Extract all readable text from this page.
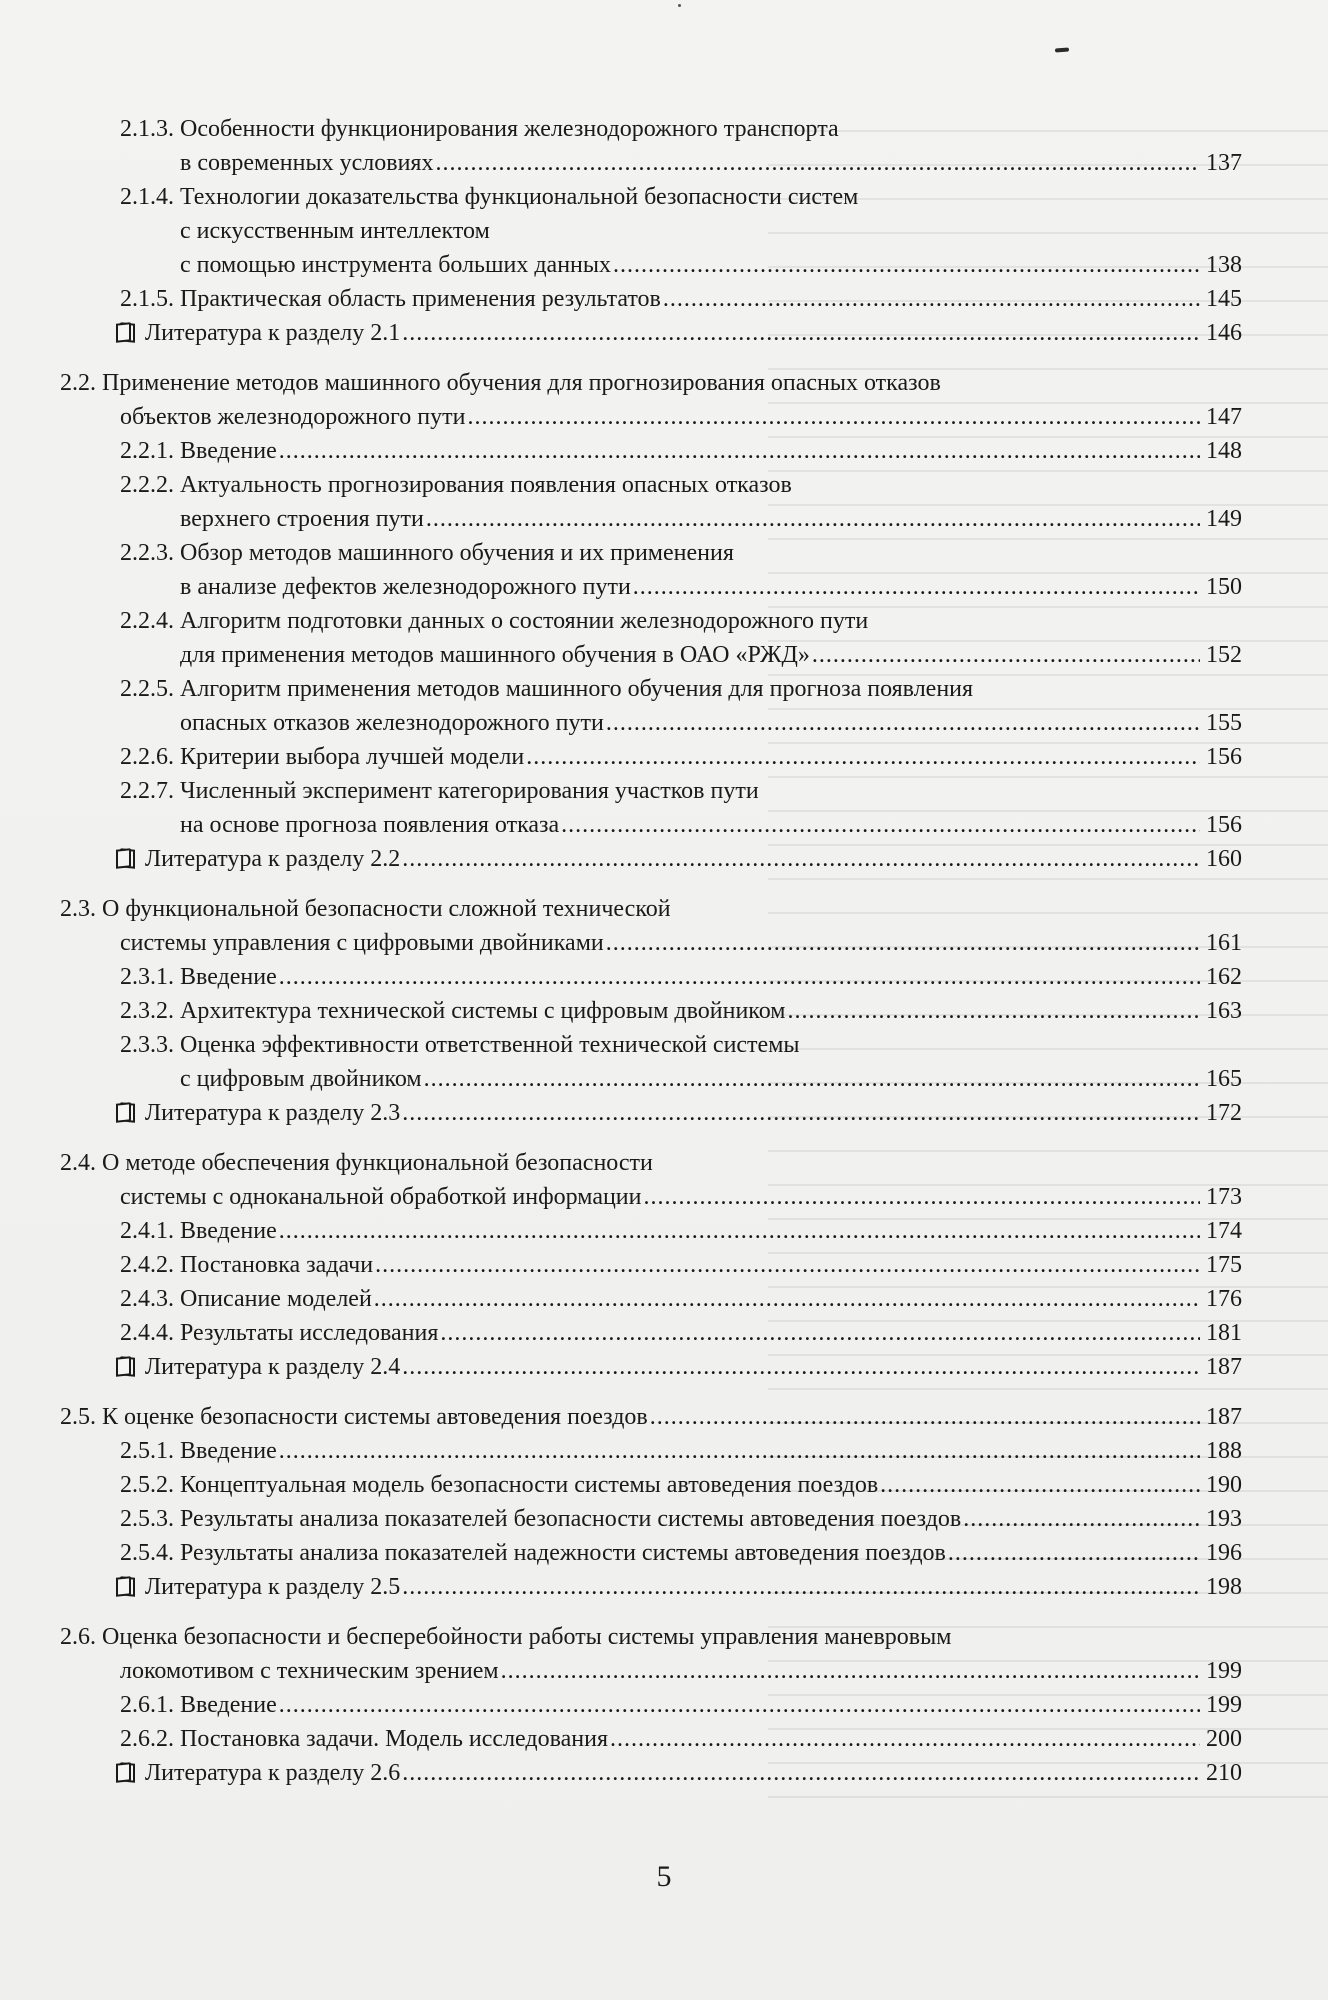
2.1.3. Особенности функционирования железнодорожного транспорта
в современных условиях .....	137
2.1.4. Технологии доказательства функциональной безопасности систем
с искусственным интеллектом
с помощью инструмента больших данных .....	138
2.1.5. Практическая область применения результатов .....	145
Литература к разделу 2.1 .....	146
2.2. Применение методов машинного обучения для прогнозирования опасных отказов
объектов железнодорожного пути .....	147
2.2.1. Введение .....	148
2.2.2. Актуальность прогнозирования появления опасных отказов
верхнего строения пути .....	149
2.2.3. Обзор методов машинного обучения и их применения
в анализе дефектов железнодорожного пути .....	150
2.2.4. Алгоритм подготовки данных о состоянии железнодорожного пути
для применения методов машинного обучения в ОАО «РЖД» .....	152
2.2.5. Алгоритм применения методов машинного обучения для прогноза появления
опасных отказов железнодорожного пути .....	155
2.2.6. Критерии выбора лучшей модели .....	156
2.2.7. Численный эксперимент категорирования участков пути
на основе прогноза появления отказа .....	156
Литература к разделу 2.2 .....	160
2.3. О функциональной безопасности сложной технической
системы управления с цифровыми двойниками .....	161
2.3.1. Введение .....	162
2.3.2. Архитектура технической системы с цифровым двойником .....	163
2.3.3. Оценка эффективности ответственной технической системы
с цифровым двойником .....	165
Литература к разделу 2.3 .....	172
2.4. О методе обеспечения функциональной безопасности
системы с одноканальной обработкой информации .....	173
2.4.1. Введение .....	174
2.4.2. Постановка задачи .....	175
2.4.3. Описание моделей .....	176
2.4.4. Результаты исследования .....	181
Литература к разделу 2.4 .....	187
2.5. К оценке безопасности системы автоведения поездов .....	187
2.5.1. Введение .....	188
2.5.2. Концептуальная модель безопасности системы автоведения поездов .....	190
2.5.3. Результаты анализа показателей безопасности системы автоведения поездов .....	193
2.5.4. Результаты анализа показателей надежности системы автоведения поездов .....	196
Литература к разделу 2.5 .....	198
2.6. Оценка безопасности и бесперебойности работы системы управления маневровым
локомотивом с техническим зрением .....	199
2.6.1. Введение .....	199
2.6.2. Постановка задачи. Модель исследования .....	200
Литература к разделу 2.6 .....	210
5
